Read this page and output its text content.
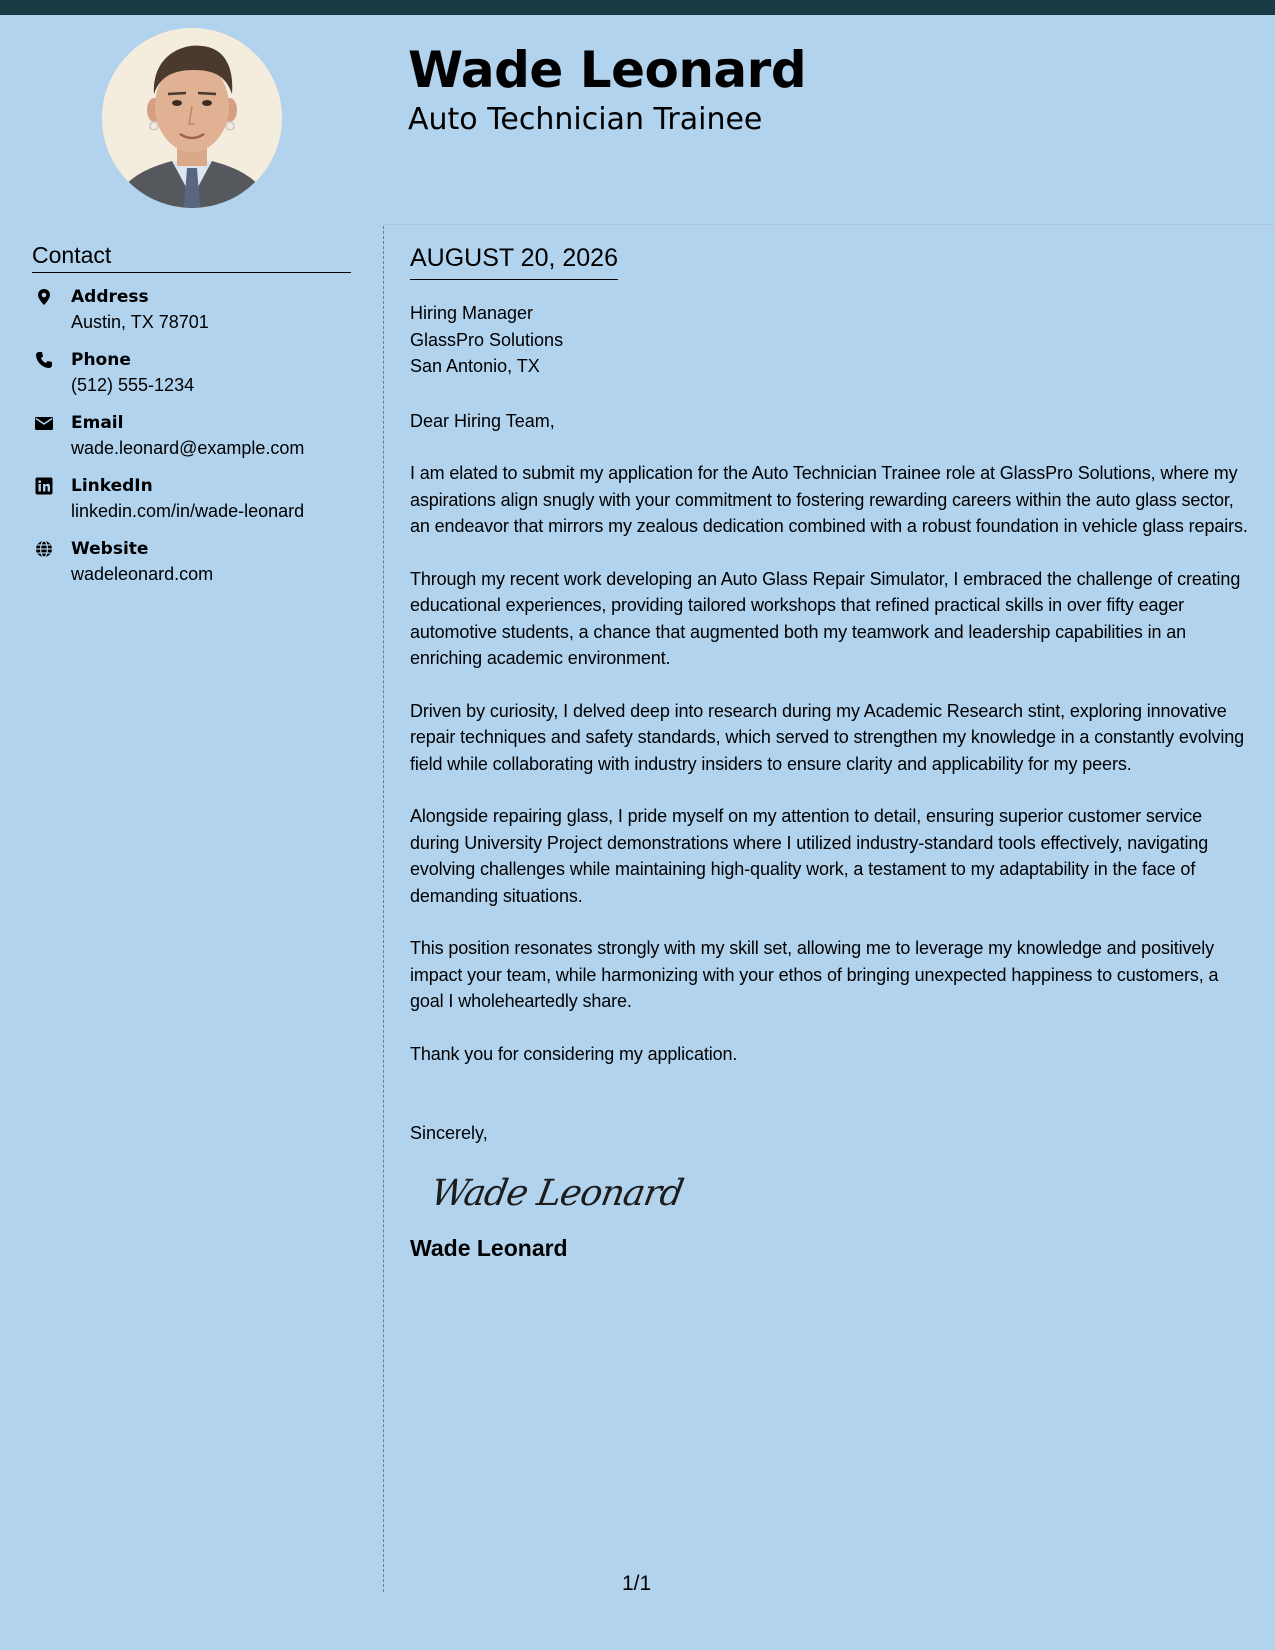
Wade Leonard
Auto Technician Trainee
Contact
Address
Austin, TX 78701
Phone
(512) 555-1234
Email
wade.leonard@example.com
LinkedIn
linkedin.com/in/wade-leonard
Website
wadeleonard.com
AUGUST 20, 2026
Hiring Manager
GlassPro Solutions
San Antonio, TX
Dear Hiring Team,
I am elated to submit my application for the Auto Technician Trainee role at GlassPro Solutions, where my aspirations align snugly with your commitment to fostering rewarding careers within the auto glass sector, an endeavor that mirrors my zealous dedication combined with a robust foundation in vehicle glass repairs.
Through my recent work developing an Auto Glass Repair Simulator, I embraced the challenge of creating educational experiences, providing tailored workshops that refined practical skills in over fifty eager automotive students, a chance that augmented both my teamwork and leadership capabilities in an enriching academic environment.
Driven by curiosity, I delved deep into research during my Academic Research stint, exploring innovative repair techniques and safety standards, which served to strengthen my knowledge in a constantly evolving field while collaborating with industry insiders to ensure clarity and applicability for my peers.
Alongside repairing glass, I pride myself on my attention to detail, ensuring superior customer service during University Project demonstrations where I utilized industry-standard tools effectively, navigating evolving challenges while maintaining high-quality work, a testament to my adaptability in the face of demanding situations.
This position resonates strongly with my skill set, allowing me to leverage my knowledge and positively impact your team, while harmonizing with your ethos of bringing unexpected happiness to customers, a goal I wholeheartedly share.
Thank you for considering my application.
Sincerely,
Wade Leonard
Wade Leonard
1/1
